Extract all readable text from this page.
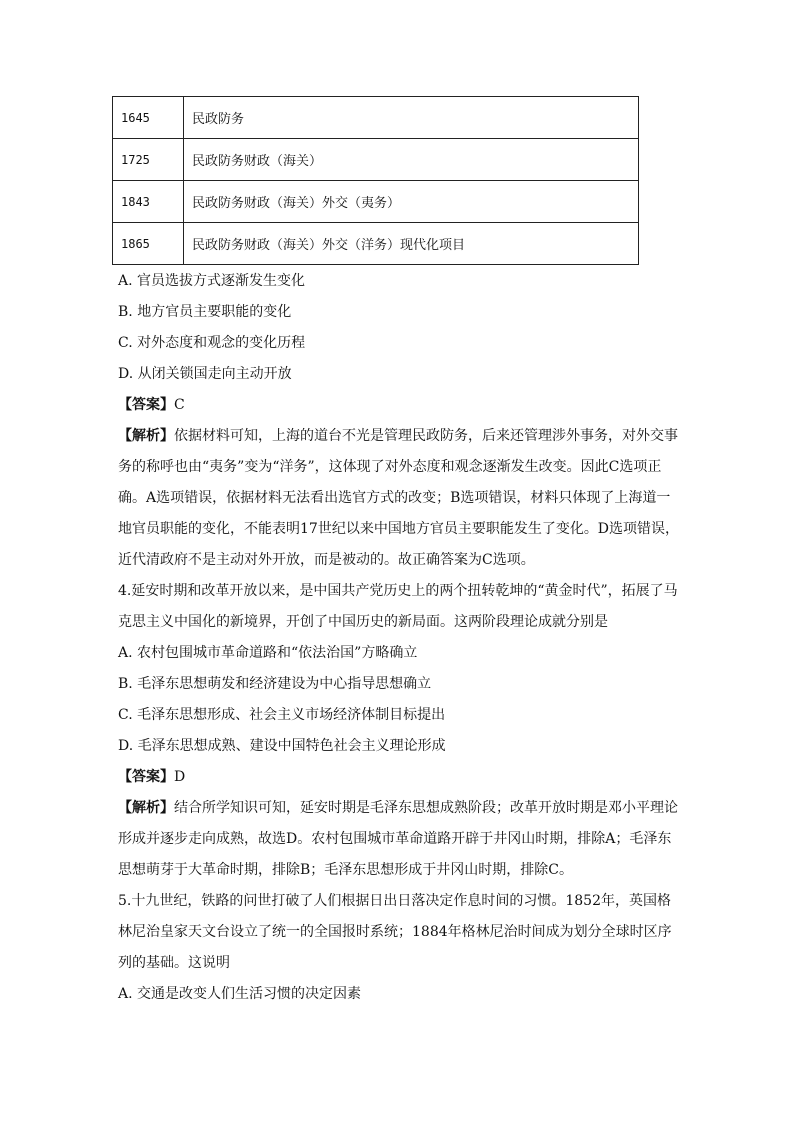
1645	民政防务
1725	民政防务财政（海关）
1843	民政防务财政（海关）外交（夷务）
1865	民政防务财政（海关）外交（洋务）现代化项目

A. 官员选拔方式逐渐发生变化

B. 地方官员主要职能的变化

C. 对外态度和观念的变化历程

D. 从闭关锁国走向主动开放

【答案】C

【解析】依据材料可知，上海的道台不光是管理民政防务，后来还管理涉外事务，对外交事务的称呼也由“夷务”变为“洋务”，这体现了对外态度和观念逐渐发生改变。因此C选项正确。A选项错误，依据材料无法看出选官方式的改变；B选项错误，材料只体现了上海道一地官员职能的变化，不能表明17世纪以来中国地方官员主要职能发生了变化。D选项错误，近代清政府不是主动对外开放，而是被动的。故正确答案为C选项。

4.延安时期和改革开放以来，是中国共产党历史上的两个扭转乾坤的“黄金时代”，拓展了马克思主义中国化的新境界，开创了中国历史的新局面。这两阶段理论成就分别是

A. 农村包围城市革命道路和“依法治国”方略确立

B. 毛泽东思想萌发和经济建设为中心指导思想确立

C. 毛泽东思想形成、社会主义市场经济体制目标提出

D. 毛泽东思想成熟、建设中国特色社会主义理论形成

【答案】D

【解析】结合所学知识可知，延安时期是毛泽东思想成熟阶段；改革开放时期是邓小平理论形成并逐步走向成熟，故选D。农村包围城市革命道路开辟于井冈山时期，排除A；毛泽东思想萌芽于大革命时期，排除B；毛泽东思想形成于井冈山时期，排除C。

5.十九世纪，铁路的问世打破了人们根据日出日落决定作息时间的习惯。1852年，英国格林尼治皇家天文台设立了统一的全国报时系统；1884年格林尼治时间成为划分全球时区序列的基础。这说明

A. 交通是改变人们生活习惯的决定因素
